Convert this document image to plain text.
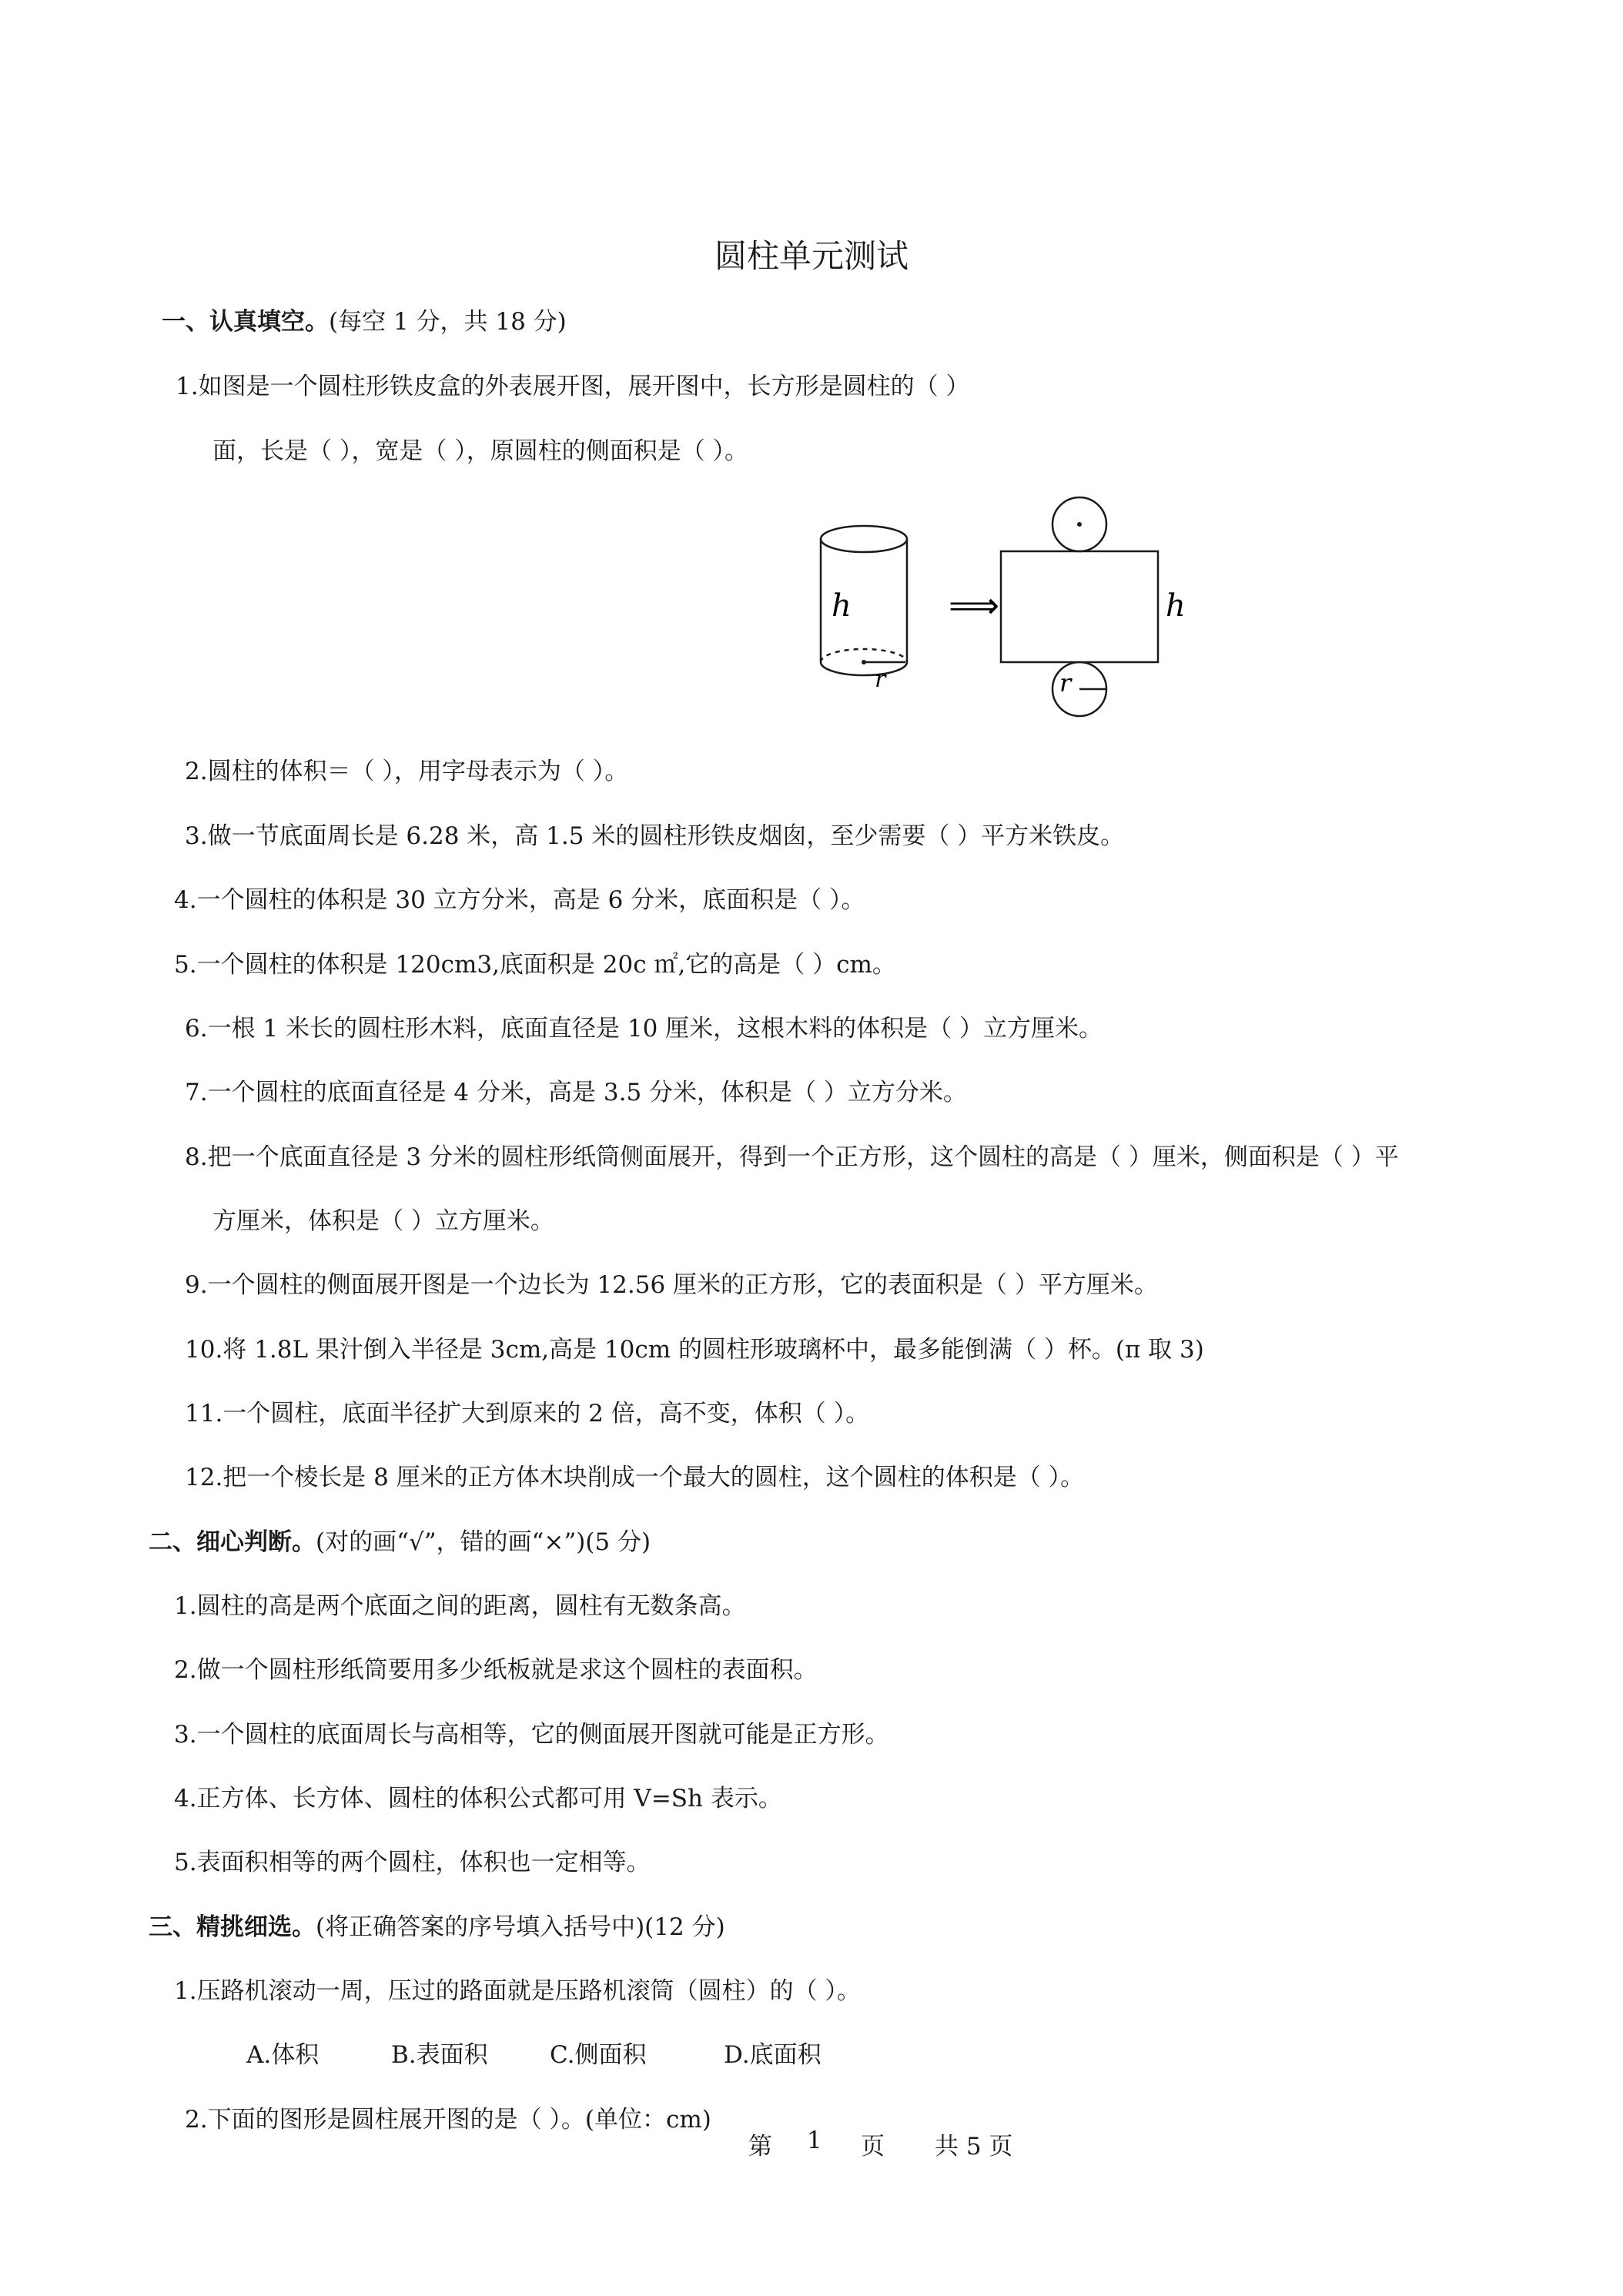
圆柱单元测试
一、认真填空。(每空 1 分，共 18 分)
1.如图是一个圆柱形铁皮盒的外表展开图，展开图中，长方形是圆柱的（ ）
面，长是（ ），宽是（ ），原圆柱的侧面积是（ ）。
h
r
⟹	h
r
2.圆柱的体积＝（ ），用字母表示为（ ）。
3.做一节底面周长是 6.28 米，高 1.5 米的圆柱形铁皮烟囱，至少需要（ ）平方米铁皮。
4.一个圆柱的体积是 30 立方分米，高是 6 分米，底面积是（ ）。
5.一个圆柱的体积是 120cm3,底面积是 20c ㎡,它的高是（ ）cm。
6.一根 1 米长的圆柱形木料，底面直径是 10 厘米，这根木料的体积是（ ）立方厘米。
7.一个圆柱的底面直径是 4 分米，高是 3.5 分米，体积是（ ）立方分米。
8.把一个底面直径是 3 分米的圆柱形纸筒侧面展开，得到一个正方形，这个圆柱的高是（ ）厘米，侧面积是（ ）平
方厘米，体积是（ ）立方厘米。
9.一个圆柱的侧面展开图是一个边长为 12.56 厘米的正方形，它的表面积是（ ）平方厘米。
10.将 1.8L 果汁倒入半径是 3cm,高是 10cm 的圆柱形玻璃杯中，最多能倒满（ ）杯。(π 取 3)
11.一个圆柱，底面半径扩大到原来的 2 倍，高不变，体积（ ）。
12.把一个棱长是 8 厘米的正方体木块削成一个最大的圆柱，这个圆柱的体积是（ ）。
二、细心判断。(对的画“√”，错的画“×”)(5 分)
1.圆柱的高是两个底面之间的距离，圆柱有无数条高。
2.做一个圆柱形纸筒要用多少纸板就是求这个圆柱的表面积。
3.一个圆柱的底面周长与高相等，它的侧面展开图就可能是正方形。
4.正方体、长方体、圆柱的体积公式都可用 V=Sh 表示。
5.表面积相等的两个圆柱，体积也一定相等。
三、精挑细选。(将正确答案的序号填入括号中)(12 分)
1.压路机滚动一周，压过的路面就是压路机滚筒（圆柱）的（ ）。
A.体积	B.表面积	C.侧面积	D.底面积
2.下面的图形是圆柱展开图的是（ ）。(单位：cm)
第 1 页 共 5 页
